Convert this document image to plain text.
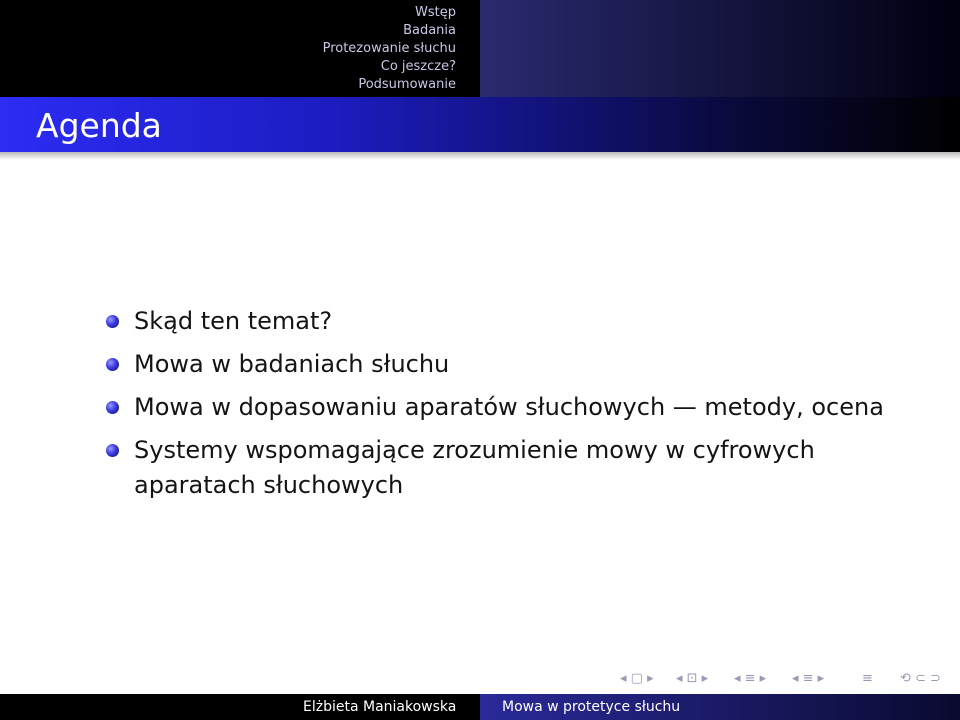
Wstęp
Badania
Protezowanie słuchu
Co jeszcze?
Podsumowanie
Agenda
Skąd ten temat?
Mowa w badaniach słuchu
Mowa w dopasowaniu aparatów słuchowych — metody, ocena
Systemy wspomagające zrozumienie mowy w cyfrowych aparatach słuchowych
◂ ▢ ▸ ◂ ⊡ ▸ ◂ ≡ ▸ ◂ ≡ ▸	≡ ⟲ ⊂ ⊃
Elżbieta Maniakowska	Mowa w protetyce słuchu
